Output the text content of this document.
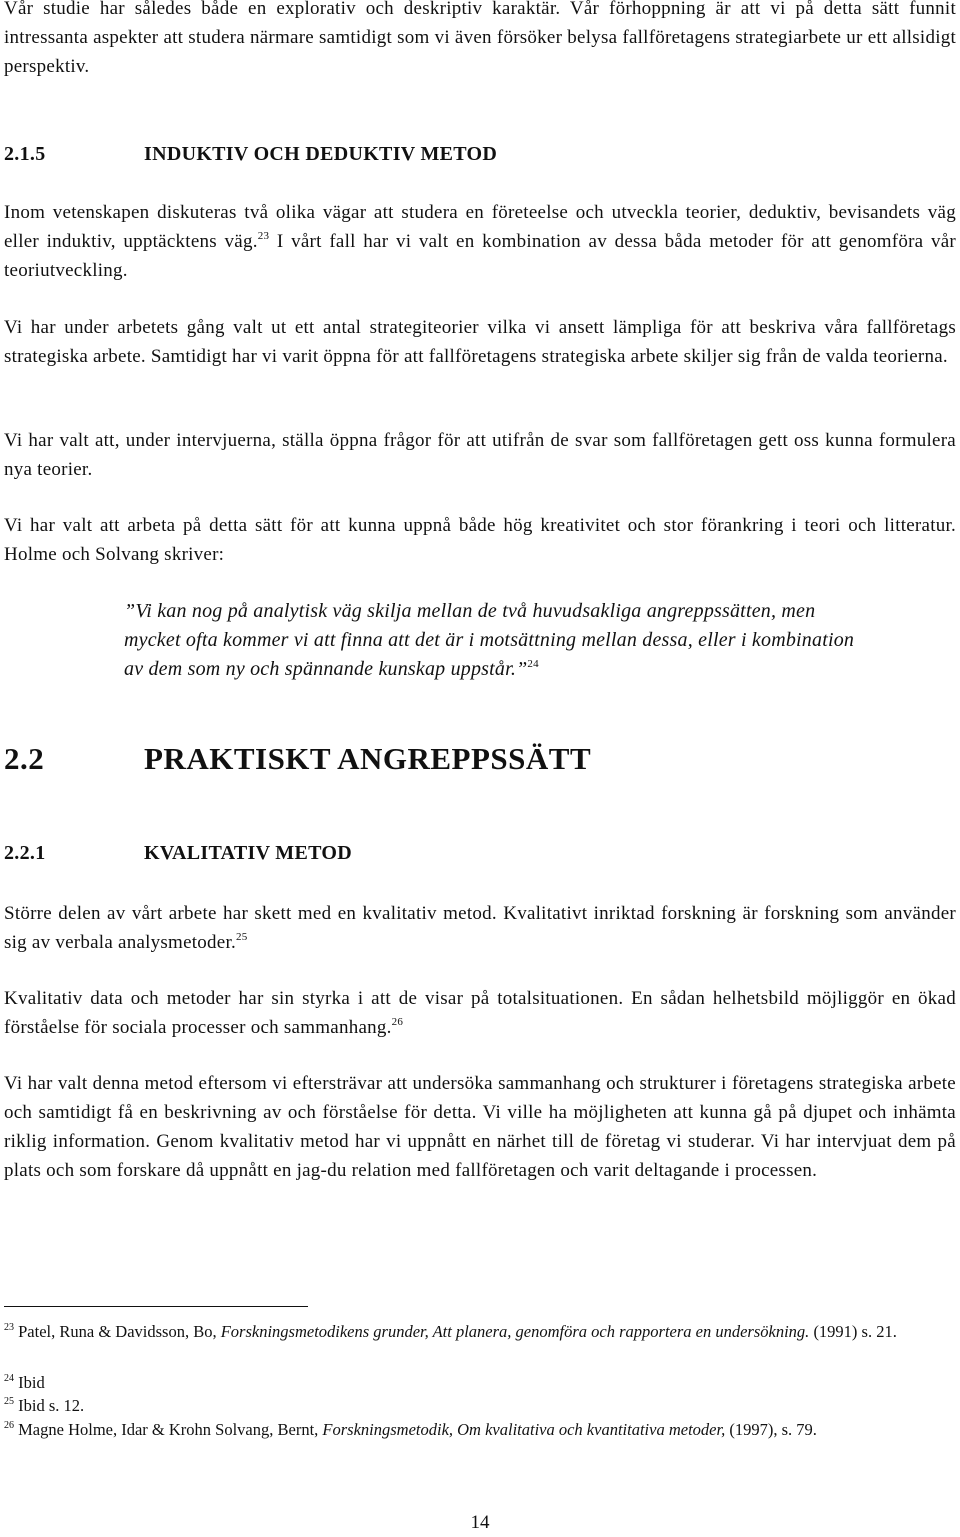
Vår studie har således både en explorativ och deskriptiv karaktär. Vår förhoppning är att vi på detta sätt funnit intressanta aspekter att studera närmare samtidigt som vi även försöker belysa fallföretagens strategiarbete ur ett allsidigt perspektiv.

2.1.5	INDUKTIV OCH DEDUKTIV METOD

Inom vetenskapen diskuteras två olika vägar att studera en företeelse och utveckla teorier, deduktiv, bevisandets väg eller induktiv, upptäcktens väg.$^{23}$ I vårt fall har vi valt en kombination av dessa båda metoder för att genomföra vår teoriutveckling.

Vi har under arbetets gång valt ut ett antal strategiteorier vilka vi ansett lämpliga för att beskriva våra fallföretags strategiska arbete. Samtidigt har vi varit öppna för att fallföretagens strategiska arbete skiljer sig från de valda teorierna.

Vi har valt att, under intervjuerna, ställa öppna frågor för att utifrån de svar som fallföretagen gett oss kunna formulera nya teorier.

Vi har valt att arbeta på detta sätt för att kunna uppnå både hög kreativitet och stor förankring i teori och litteratur. Holme och Solvang skriver:

”Vi kan nog på analytisk väg skilja mellan de två huvudsakliga angreppssätten, men mycket ofta kommer vi att finna att det är i motsättning mellan dessa, eller i kombination av dem som ny och spännande kunskap uppstår.”$^{24}$

2.2	PRAKTISKT ANGREPPSSÄTT
2.2.1	KVALITATIV METOD

Större delen av vårt arbete har skett med en kvalitativ metod. Kvalitativt inriktad forskning är forskning som använder sig av verbala analysmetoder.$^{25}$

Kvalitativ data och metoder har sin styrka i att de visar på totalsituationen. En sådan helhetsbild möjliggör en ökad förståelse för sociala processer och sammanhang.$^{26}$

Vi har valt denna metod eftersom vi eftersträvar att undersöka sammanhang och strukturer i företagens strategiska arbete och samtidigt få en beskrivning av och förståelse för detta. Vi ville ha möjligheten att kunna gå på djupet och inhämta riklig information. Genom kvalitativ metod har vi uppnått en närhet till de företag vi studerar. Vi har intervjuat dem på plats och som forskare då uppnått en jag-du relation med fallföretagen och varit deltagande i processen.

$^{23}$ Patel, Runa & Davidsson, Bo, Forskningsmetodikens grunder, Att planera, genomföra och rapportera en undersökning. (1991) s. 21.

$^{24}$ Ibid

$^{25}$ Ibid s. 12.

$^{26}$ Magne Holme, Idar & Krohn Solvang, Bernt, Forskningsmetodik, Om kvalitativa och kvantitativa metoder, (1997), s. 79.

14
